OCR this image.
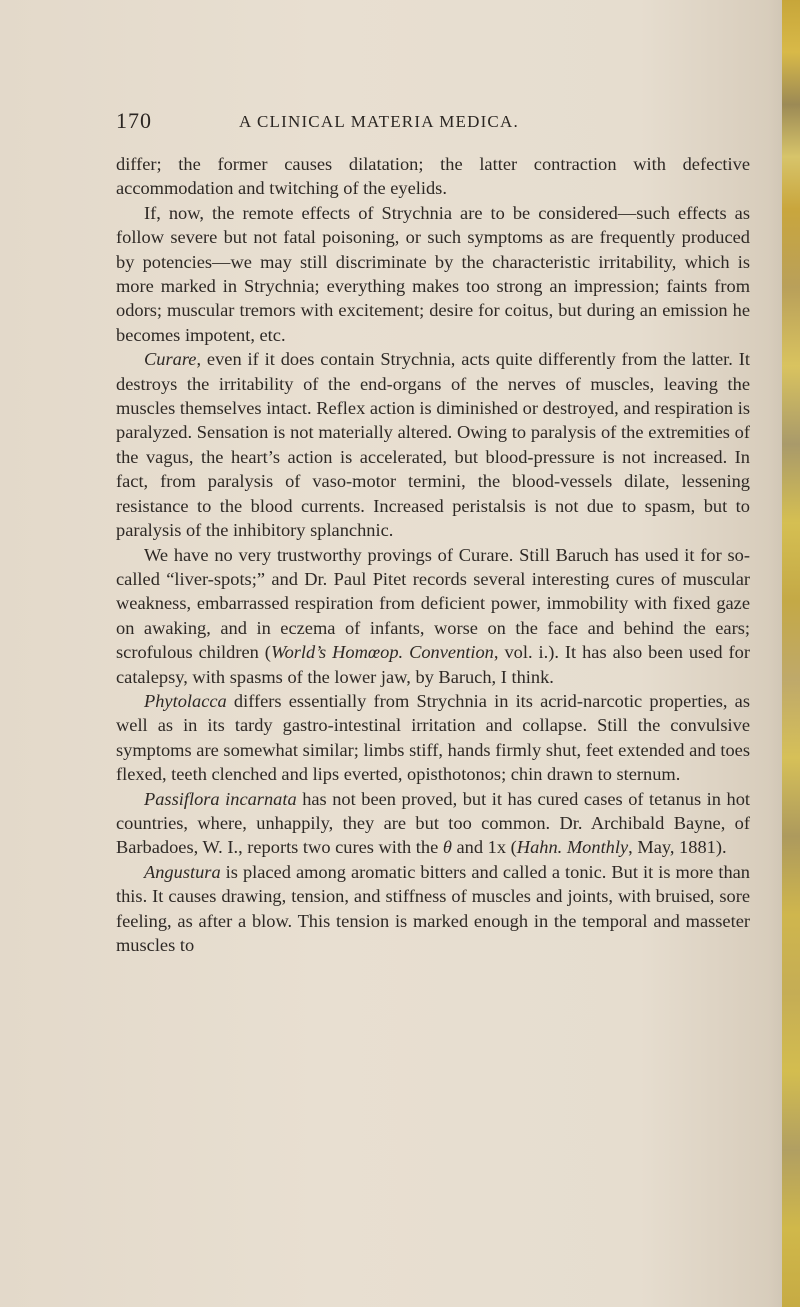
170	A CLINICAL MATERIA MEDICA.

differ; the former causes dilatation; the latter contraction with defective accommodation and twitching of the eyelids.

If, now, the remote effects of Strychnia are to be considered—such effects as follow severe but not fatal poisoning, or such symptoms as are frequently produced by potencies—we may still discriminate by the characteristic irritability, which is more marked in Strychnia; everything makes too strong an impression; faints from odors; muscular tremors with excitement; desire for coitus, but during an emission he becomes impotent, etc.

Curare, even if it does contain Strychnia, acts quite differently from the latter. It destroys the irritability of the end-organs of the nerves of muscles, leaving the muscles themselves intact. Reflex action is diminished or destroyed, and respiration is paralyzed. Sensation is not materially altered. Owing to paralysis of the extremities of the vagus, the heart’s action is accelerated, but blood-pressure is not increased. In fact, from paralysis of vaso-motor termini, the blood-vessels dilate, lessening resistance to the blood currents. Increased peristalsis is not due to spasm, but to paralysis of the inhibitory splanchnic.

We have no very trustworthy provings of Curare. Still Baruch has used it for so-called “liver-spots;” and Dr. Paul Pitet records several interesting cures of muscular weakness, embarrassed respiration from deficient power, immobility with fixed gaze on awaking, and in eczema of infants, worse on the face and behind the ears; scrofulous children (World’s Homœop. Convention, vol. i.). It has also been used for catalepsy, with spasms of the lower jaw, by Baruch, I think.

Phytolacca differs essentially from Strychnia in its acrid-narcotic properties, as well as in its tardy gastro-intestinal irritation and collapse. Still the convulsive symptoms are somewhat similar; limbs stiff, hands firmly shut, feet extended and toes flexed, teeth clenched and lips everted, opisthotonos; chin drawn to sternum.

Passiflora incarnata has not been proved, but it has cured cases of tetanus in hot countries, where, unhappily, they are but too common. Dr. Archibald Bayne, of Barbadoes, W. I., reports two cures with the θ and 1x (Hahn. Monthly, May, 1881).

Angustura is placed among aromatic bitters and called a tonic. But it is more than this. It causes drawing, tension, and stiffness of muscles and joints, with bruised, sore feeling, as after a blow. This tension is marked enough in the temporal and masseter muscles to
